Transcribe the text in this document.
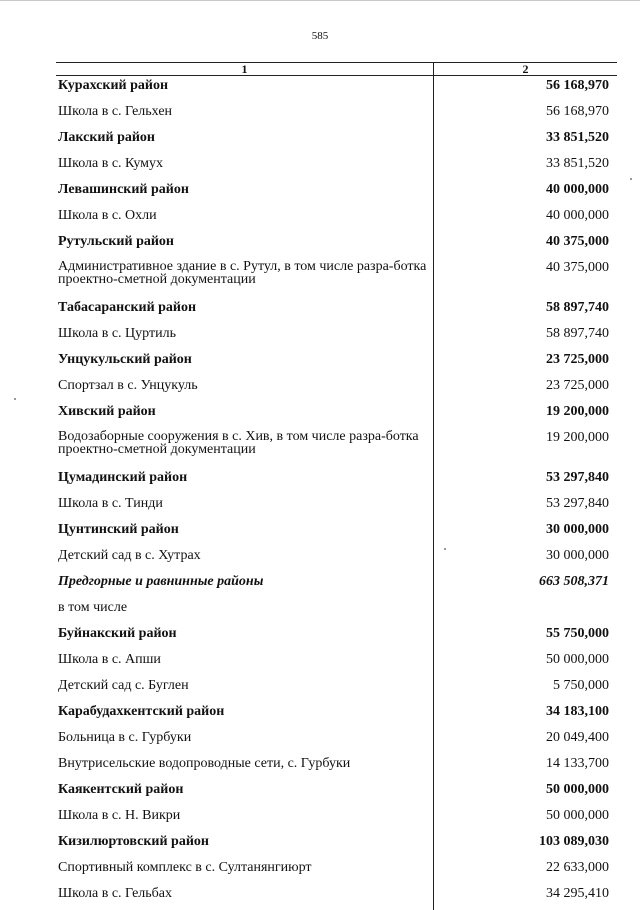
585
1	2
Курахский район	56 168,970
Школа в с. Гельхен	56 168,970
Лакский район	33 851,520
Школа в с. Кумух	33 851,520
Левашинский район	40 000,000
Школа в с. Охли	40 000,000
Рутульский район	40 375,000
Административное здание в с. Рутул, в том числе разра-ботка проектно-сметной документации	40 375,000
Табасаранский район	58 897,740
Школа в с. Цуртиль	58 897,740
Унцукульский район	23 725,000
Спортзал в с. Унцукуль	23 725,000
Хивский район	19 200,000
Водозаборные сооружения в с. Хив, в том числе разра-ботка проектно-сметной документации	19 200,000
Цумадинский район	53 297,840
Школа в с. Тинди	53 297,840
Цунтинский район	30 000,000
Детский сад в с. Хутрах	30 000,000
Предгорные и равнинные районы	663 508,371
в том числе	
Буйнакский район	55 750,000
Школа в с. Апши	50 000,000
Детский сад с. Буглен	5 750,000
Карабудахкентский район	34 183,100
Больница в с. Гурбуки	20 049,400
Внутрисельские водопроводные сети, с. Гурбуки	14 133,700
Каякентский район	50 000,000
Школа в с. Н. Викри	50 000,000
Кизилюртовский район	103 089,030
Спортивный комплекс в с. Султанянгиюрт	22 633,000
Школа в с. Гельбах	34 295,410
